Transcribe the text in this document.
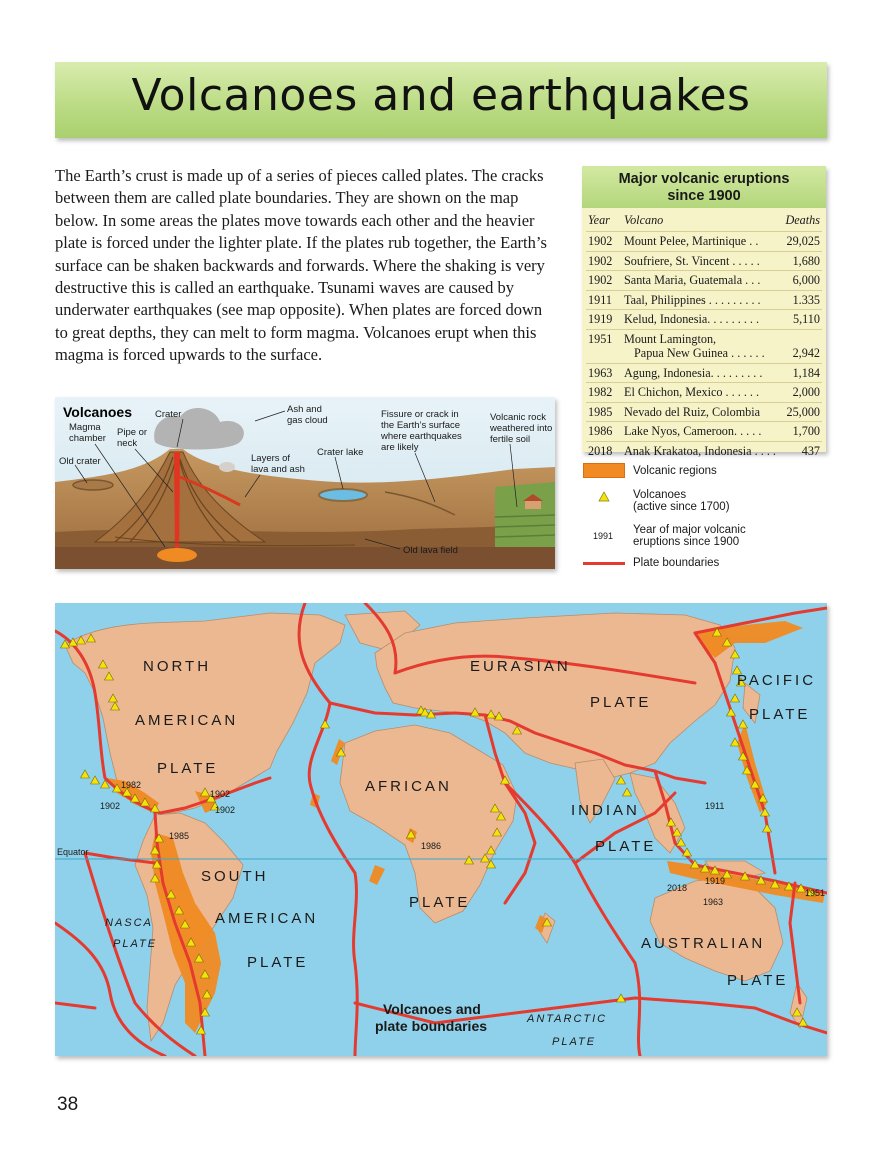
Volcanoes and earthquakes

The Earth’s crust is made up of a series of pieces called plates. The cracks between them are called plate boundaries. They are shown on the map below. In some areas the plates move towards each other and the heavier plate is forced under the lighter plate. If the plates rub together, the Earth’s surface can be shaken backwards and forwards. Where the shaking is very destructive this is called an earthquake. Tsunami waves are caused by underwater earthquakes (see map opposite). When plates are forced down to great depths, they can melt to form magma. Volcanoes erupt when this magma is forced upwards to the surface.

Major volcanic eruptions
since 1900
Year	Volcano	Deaths
1902	Mount Pelee, Martinique . .	29,025
1902	Soufriere, St. Vincent . . . . .	1,680
1902	Santa Maria, Guatemala . . .	6,000
1911	Taal, Philippines . . . . . . . . .	1.335
1919	Kelud, Indonesia. . . . . . . . .	5,110
1951	Mount Lamington,
Papua New Guinea . . . . . .	2,942
1963	Agung, Indonesia. . . . . . . . .	1,184
1982	El Chichon, Mexico . . . . . .	2,000
1985	Nevado del Ruiz, Colombia	25,000
1986	Lake Nyos, Cameroon. . . . .	1,700
2018	Anak Krakatoa, Indonesia . . . .	437
Volcanic regions
Volcanoes
(active since 1700)
1991 Year of major volcanic
eruptions since 1900
Plate boundaries
Volcanoes Crater	Ash and
gas cloud
Magma
chamber
Pipe or
neck
Old crater
Fissure or crack in
the Earth’s surface
where earthquakes
are likely
Volcanic rock
weathered into
fertile soil
Layers of
lava and ash
Crater lake
Old lava field
Equator
NORTH
AMERICAN
PLATE
EURASIAN
PLATE
PACIFIC
PLATE
AFRICAN
PLATE
INDIAN
PLATE
SOUTH
AMERICAN
PLATE
AUSTRALIAN
PLATE
NASCA
PLATE
ANTARCTIC
PLATE
Volcanoes and
plate boundaries
1982
1902
1902
1902
1985
1986
1911
1919
2018
1963
1951
38
